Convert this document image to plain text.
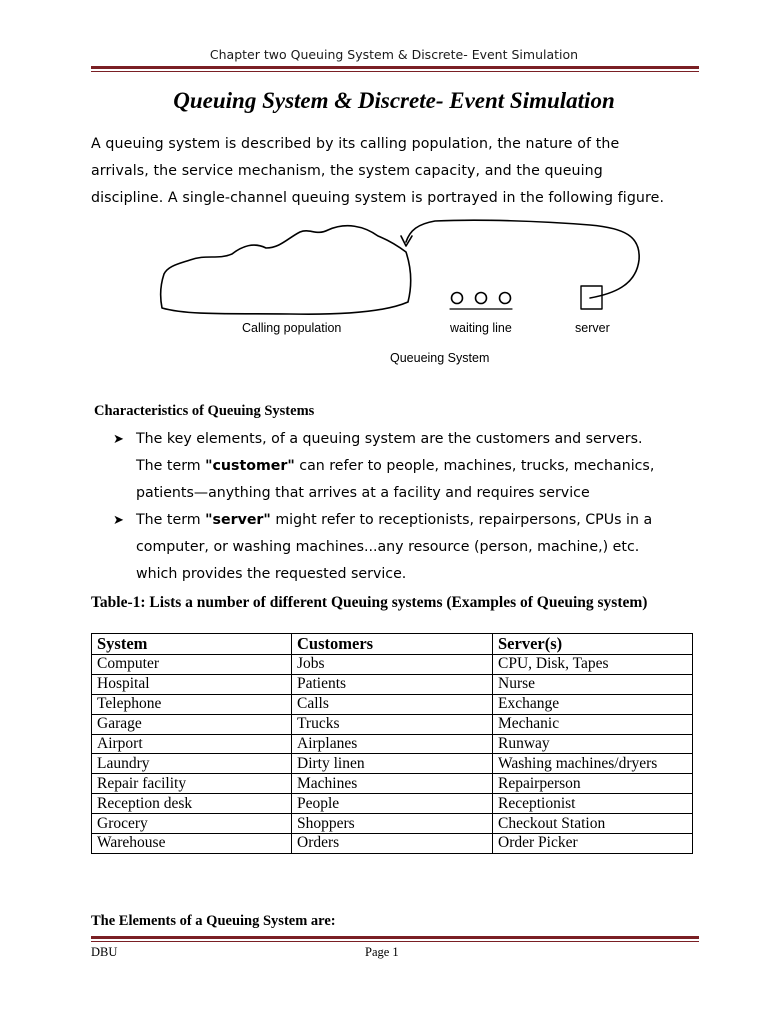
Chapter two Queuing System & Discrete- Event Simulation
Queuing System & Discrete- Event Simulation
A queuing system is described by its calling population, the nature of the
arrivals, the service mechanism, the system capacity, and the queuing
discipline. A single-channel queuing system is portrayed in the following figure.
Calling population	waiting line	server
Queueing System
Characteristics of Queuing Systems
➤ The key elements, of a queuing system are the customers and servers.
The term "customer" can refer to people, machines, trucks, mechanics,
patients—anything that arrives at a facility and requires service
➤ The term "server" might refer to receptionists, repairpersons, CPUs in a
computer, or washing machines...any resource (person, machine,) etc.
which provides the requested service.
Table-1: Lists a number of different Queuing systems (Examples of Queuing system)
System	Customers	Server(s)
Computer	Jobs	CPU, Disk, Tapes
Hospital	Patients	Nurse
Telephone	Calls	Exchange
Garage	Trucks	Mechanic
Airport	Airplanes	Runway
Laundry	Dirty linen	Washing machines/dryers
Repair facility	Machines	Repairperson
Reception desk	People	Receptionist
Grocery	Shoppers	Checkout Station
Warehouse	Orders	Order Picker
The Elements of a Queuing System are:
DBU	Page 1
